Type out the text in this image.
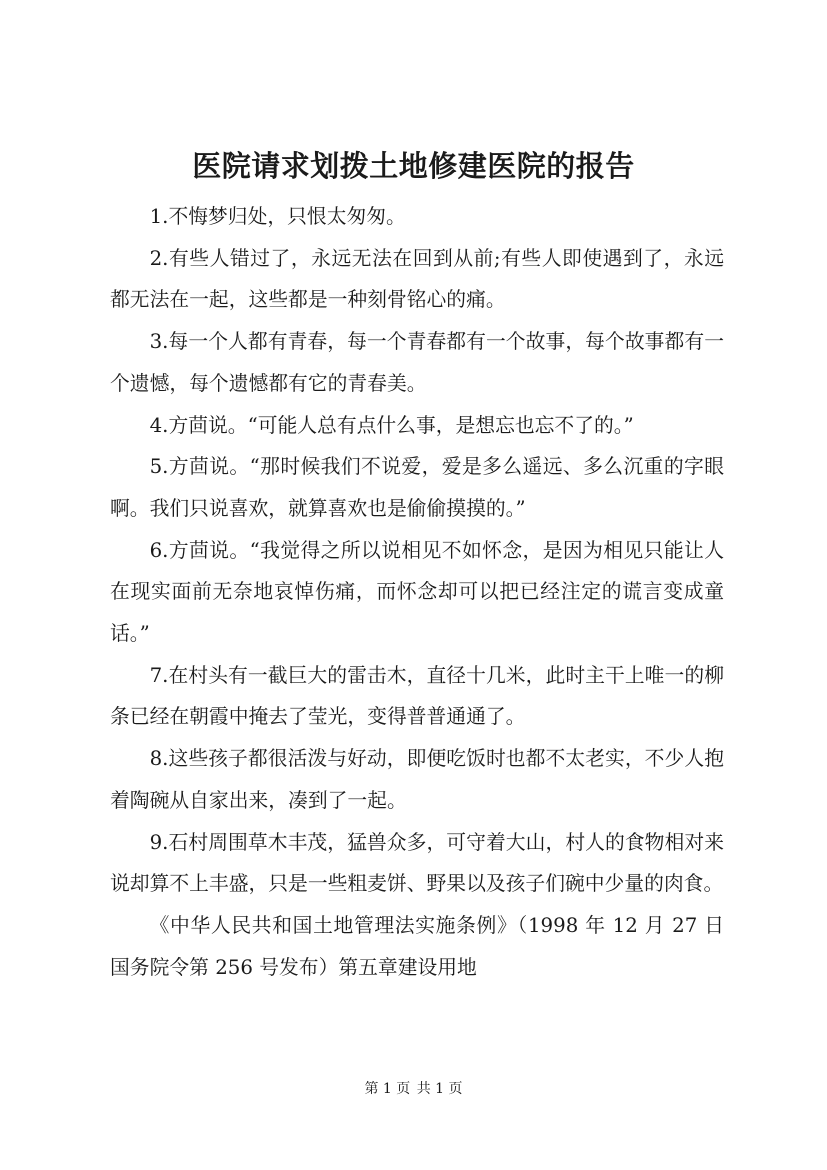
医院请求划拨土地修建医院的报告

1.不悔梦归处，只恨太匆匆。

2.有些人错过了，永远无法在回到从前;有些人即使遇到了，永远都无法在一起，这些都是一种刻骨铭心的痛。

3.每一个人都有青春，每一个青春都有一个故事，每个故事都有一个遗憾，每个遗憾都有它的青春美。

4.方茴说。“可能人总有点什么事，是想忘也忘不了的。”

5.方茴说。“那时候我们不说爱，爱是多么遥远、多么沉重的字眼啊。我们只说喜欢，就算喜欢也是偷偷摸摸的。”

6.方茴说。“我觉得之所以说相见不如怀念，是因为相见只能让人在现实面前无奈地哀悼伤痛，而怀念却可以把已经注定的谎言变成童话。”

7.在村头有一截巨大的雷击木，直径十几米，此时主干上唯一的柳条已经在朝霞中掩去了莹光，变得普普通通了。

8.这些孩子都很活泼与好动，即便吃饭时也都不太老实，不少人抱着陶碗从自家出来，凑到了一起。

9.石村周围草木丰茂，猛兽众多，可守着大山，村人的食物相对来说却算不上丰盛，只是一些粗麦饼、野果以及孩子们碗中少量的肉食。

《中华人民共和国土地管理法实施条例》（1998 年 12 月 27 日国务院令第 256 号发布）第五章建设用地

第 1 页 共 1 页
